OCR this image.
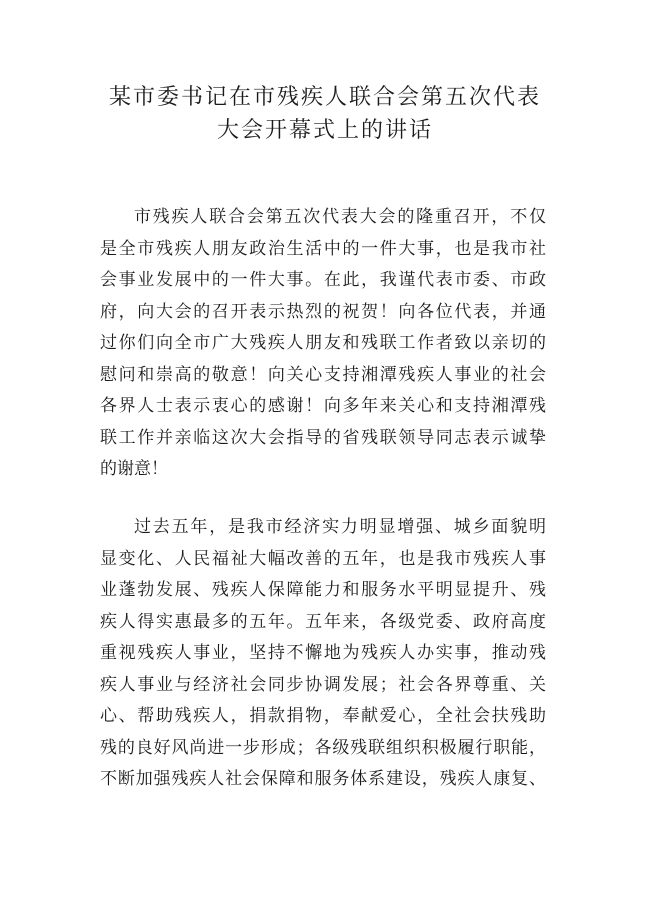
某市委书记在市残疾人联合会第五次代表
大会开幕式上的讲话
市残疾人联合会第五次代表大会的隆重召开，不仅
是全市残疾人朋友政治生活中的一件大事，也是我市社
会事业发展中的一件大事。在此，我谨代表市委、市政
府，向大会的召开表示热烈的祝贺！向各位代表，并通
过你们向全市广大残疾人朋友和残联工作者致以亲切的
慰问和崇高的敬意！向关心支持湘潭残疾人事业的社会
各界人士表示衷心的感谢！向多年来关心和支持湘潭残
联工作并亲临这次大会指导的省残联领导同志表示诚挚
的谢意！
过去五年，是我市经济实力明显增强、城乡面貌明
显变化、人民福祉大幅改善的五年，也是我市残疾人事
业蓬勃发展、残疾人保障能力和服务水平明显提升、残
疾人得实惠最多的五年。五年来，各级党委、政府高度
重视残疾人事业，坚持不懈地为残疾人办实事，推动残
疾人事业与经济社会同步协调发展；社会各界尊重、关
心、帮助残疾人，捐款捐物，奉献爱心，全社会扶残助
残的良好风尚进一步形成；各级残联组织积极履行职能，
不断加强残疾人社会保障和服务体系建设，残疾人康复、
